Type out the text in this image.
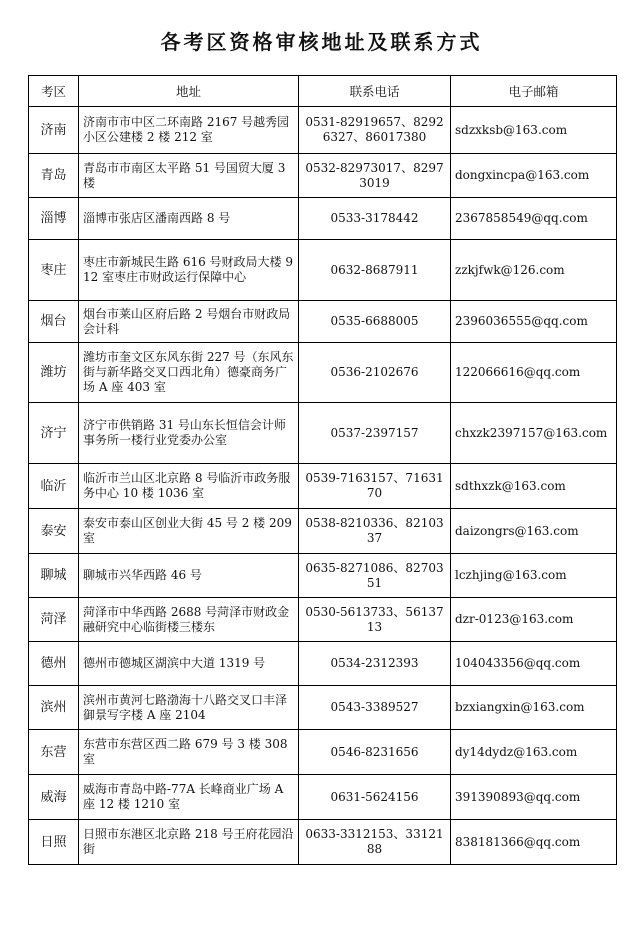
各考区资格审核地址及联系方式
考区	地址	联系电话	电子邮箱
济南	济南市市中区二环南路 2167 号越秀园小区公建楼 2 楼 212 室	0531-82919657、82926327、86017380	sdzxksb@163.com
青岛	青岛市市南区太平路 51 号国贸大厦 3 楼	0532-82973017、82973019	dongxincpa@163.com
淄博	淄博市张店区潘南西路 8 号	0533-3178442	2367858549@qq.com
枣庄	枣庄市新城民生路 616 号财政局大楼 912 室枣庄市财政运行保障中心	0632-8687911	zzkjfwk@126.com
烟台	烟台市莱山区府后路 2 号烟台市财政局会计科	0535-6688005	2396036555@qq.com
潍坊	潍坊市奎文区东风东街 227 号（东风东街与新华路交叉口西北角）德豪商务广场 A 座 403 室	0536-2102676	122066616@qq.com
济宁	济宁市供销路 31 号山东长恒信会计师事务所一楼行业党委办公室	0537-2397157	chxzk2397157@163.com
临沂	临沂市兰山区北京路 8 号临沂市政务服务中心 10 楼 1036 室	0539-7163157、7163170	sdthxzk@163.com
泰安	泰安市泰山区创业大街 45 号 2 楼 209 室	0538-8210336、8210337	daizongrs@163.com
聊城	聊城市兴华西路 46 号	0635-8271086、8270351	lczhjing@163.com
菏泽	菏泽市中华西路 2688 号菏泽市财政金融研究中心临街楼三楼东	0530-5613733、5613713	dzr-0123@163.com
德州	德州市德城区湖滨中大道 1319 号	0534-2312393	104043356@qq.com
滨州	滨州市黄河七路渤海十八路交叉口丰泽御景写字楼 A 座 2104	0543-3389527	bzxiangxin@163.com
东营	东营市东营区西二路 679 号 3 楼 308 室	0546-8231656	dy14dydz@163.com
威海	威海市青岛中路-77A 长峰商业广场 A 座 12 楼 1210 室	0631-5624156	391390893@qq.com
日照	日照市东港区北京路 218 号王府花园沿街	0633-3312153、3312188	838181366@qq.com
